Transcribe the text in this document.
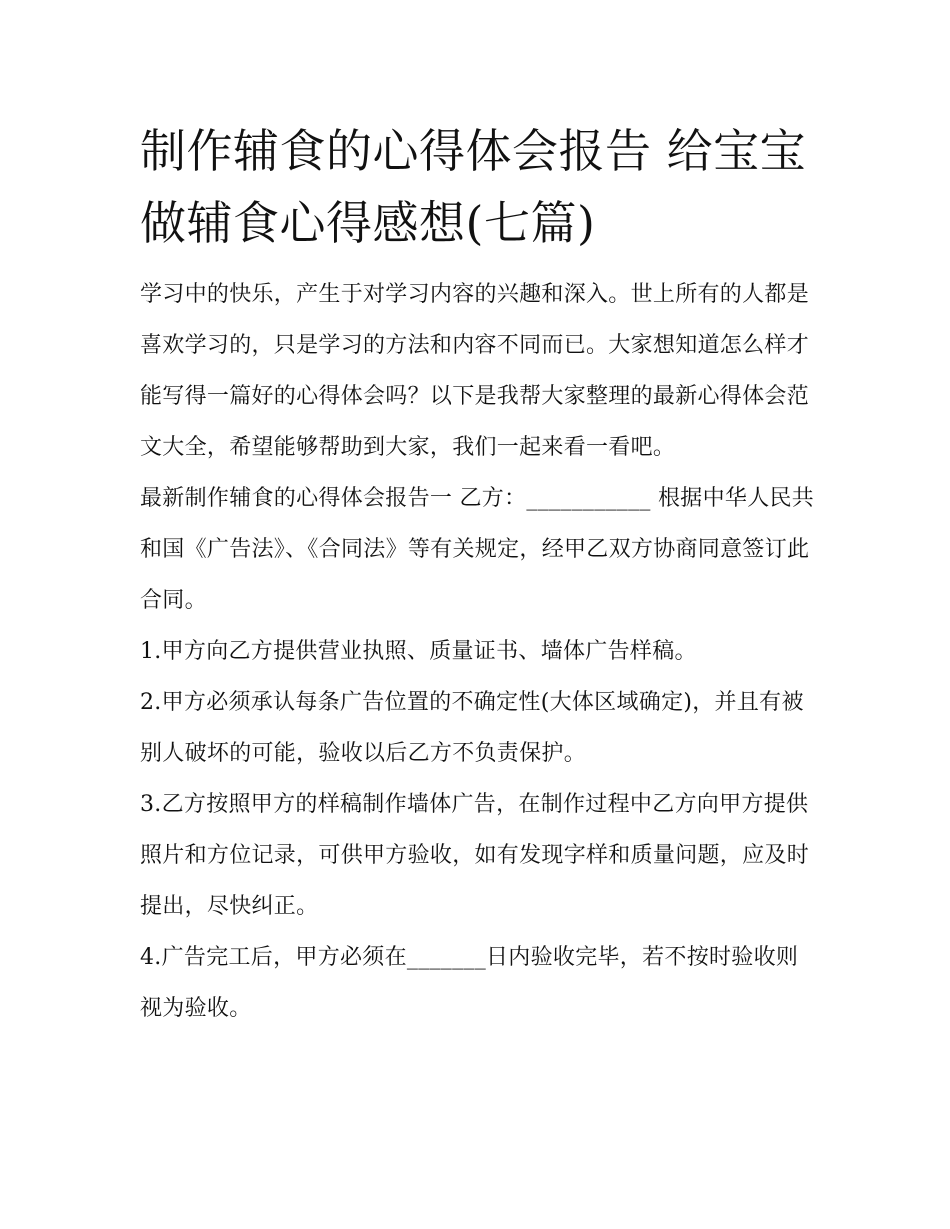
制作辅食的心得体会报告 给宝宝做辅食心得感想(七篇)

学习中的快乐，产生于对学习内容的兴趣和深入。世上所有的人都是喜欢学习的，只是学习的方法和内容不同而已。大家想知道怎么样才能写得一篇好的心得体会吗？以下是我帮大家整理的最新心得体会范文大全，希望能够帮助到大家，我们一起来看一看吧。

最新制作辅食的心得体会报告一 乙方：___________ 根据中华人民共和国《广告法》、《合同法》等有关规定，经甲乙双方协商同意签订此合同。

1.甲方向乙方提供营业执照、质量证书、墙体广告样稿。

2.甲方必须承认每条广告位置的不确定性(大体区域确定)，并且有被别人破坏的可能，验收以后乙方不负责保护。

3.乙方按照甲方的样稿制作墙体广告，在制作过程中乙方向甲方提供照片和方位记录，可供甲方验收，如有发现字样和质量问题，应及时提出，尽快纠正。

4.广告完工后，甲方必须在_______日内验收完毕，若不按时验收则视为验收。
